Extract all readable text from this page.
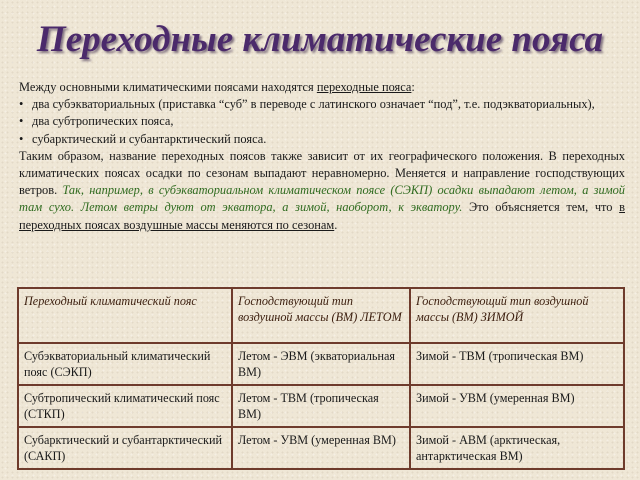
Переходные климатические пояса

Между основными климатическими поясами находятся переходные пояса:

• два субэкваториальных (приставка “суб” в переводе с латинского означает “под”, т.е. подэкваториальных),
• два субтропических пояса,
• субарктический и субантарктический пояса.

Таким образом, название переходных поясов также зависит от их географического положения. В переходных климатических поясах осадки по сезонам выпадают неравномерно. Меняется и направление господствующих ветров. Так, например, в субэкваториальном климатическом поясе (СЭКП) осадки выпадают летом, а зимой там сухо. Летом ветры дуют от экватора, а зимой, наоборот, к экватору. Это объясняется тем, что в переходных поясах воздушные массы меняются по сезонам.

Переходный климатический пояс	Господствующий тип воздушной массы (ВМ) ЛЕТОМ	Господствующий тип воздушной массы (ВМ) ЗИМОЙ
Субэкваториальный климатический пояс (СЭКП)	Летом - ЭВМ (экваториальная ВМ)	Зимой - ТВМ (тропическая ВМ)
Субтропический климатический пояс (СТКП)	Летом - ТВМ (тропическая ВМ)	Зимой - УВМ (умеренная ВМ)
Субарктический и субантарктический (САКП)	Летом - УВМ (умеренная ВМ)	Зимой - АВМ (арктическая, антарктическая ВМ)
